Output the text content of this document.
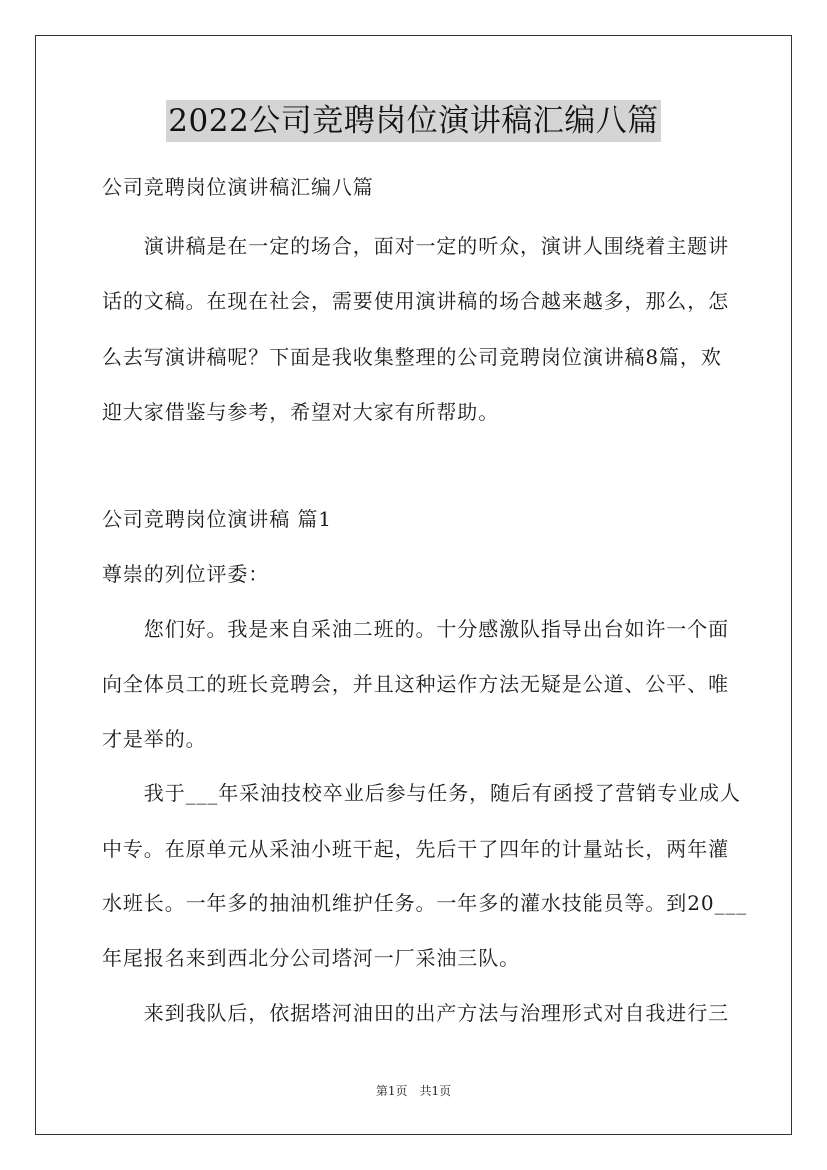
2022公司竞聘岗位演讲稿汇编八篇
公司竞聘岗位演讲稿汇编八篇
　　演讲稿是在一定的场合，面对一定的听众，演讲人围绕着主题讲
话的文稿。在现在社会，需要使用演讲稿的场合越来越多，那么，怎
么去写演讲稿呢？下面是我收集整理的公司竞聘岗位演讲稿8篇，欢
迎大家借鉴与参考，希望对大家有所帮助。
公司竞聘岗位演讲稿 篇1
尊崇的列位评委：
　　您们好。我是来自采油二班的。十分感激队指导出台如许一个面
向全体员工的班长竞聘会，并且这种运作方法无疑是公道、公平、唯
才是举的。
　　我于___年采油技校卒业后参与任务，随后有函授了营销专业成人
中专。在原单元从采油小班干起，先后干了四年的计量站长，两年灌
水班长。一年多的抽油机维护任务。一年多的灌水技能员等。到20___
年尾报名来到西北分公司塔河一厂采油三队。
　　来到我队后，依据塔河油田的出产方法与治理形式对自我进行三
第1页　共1页
